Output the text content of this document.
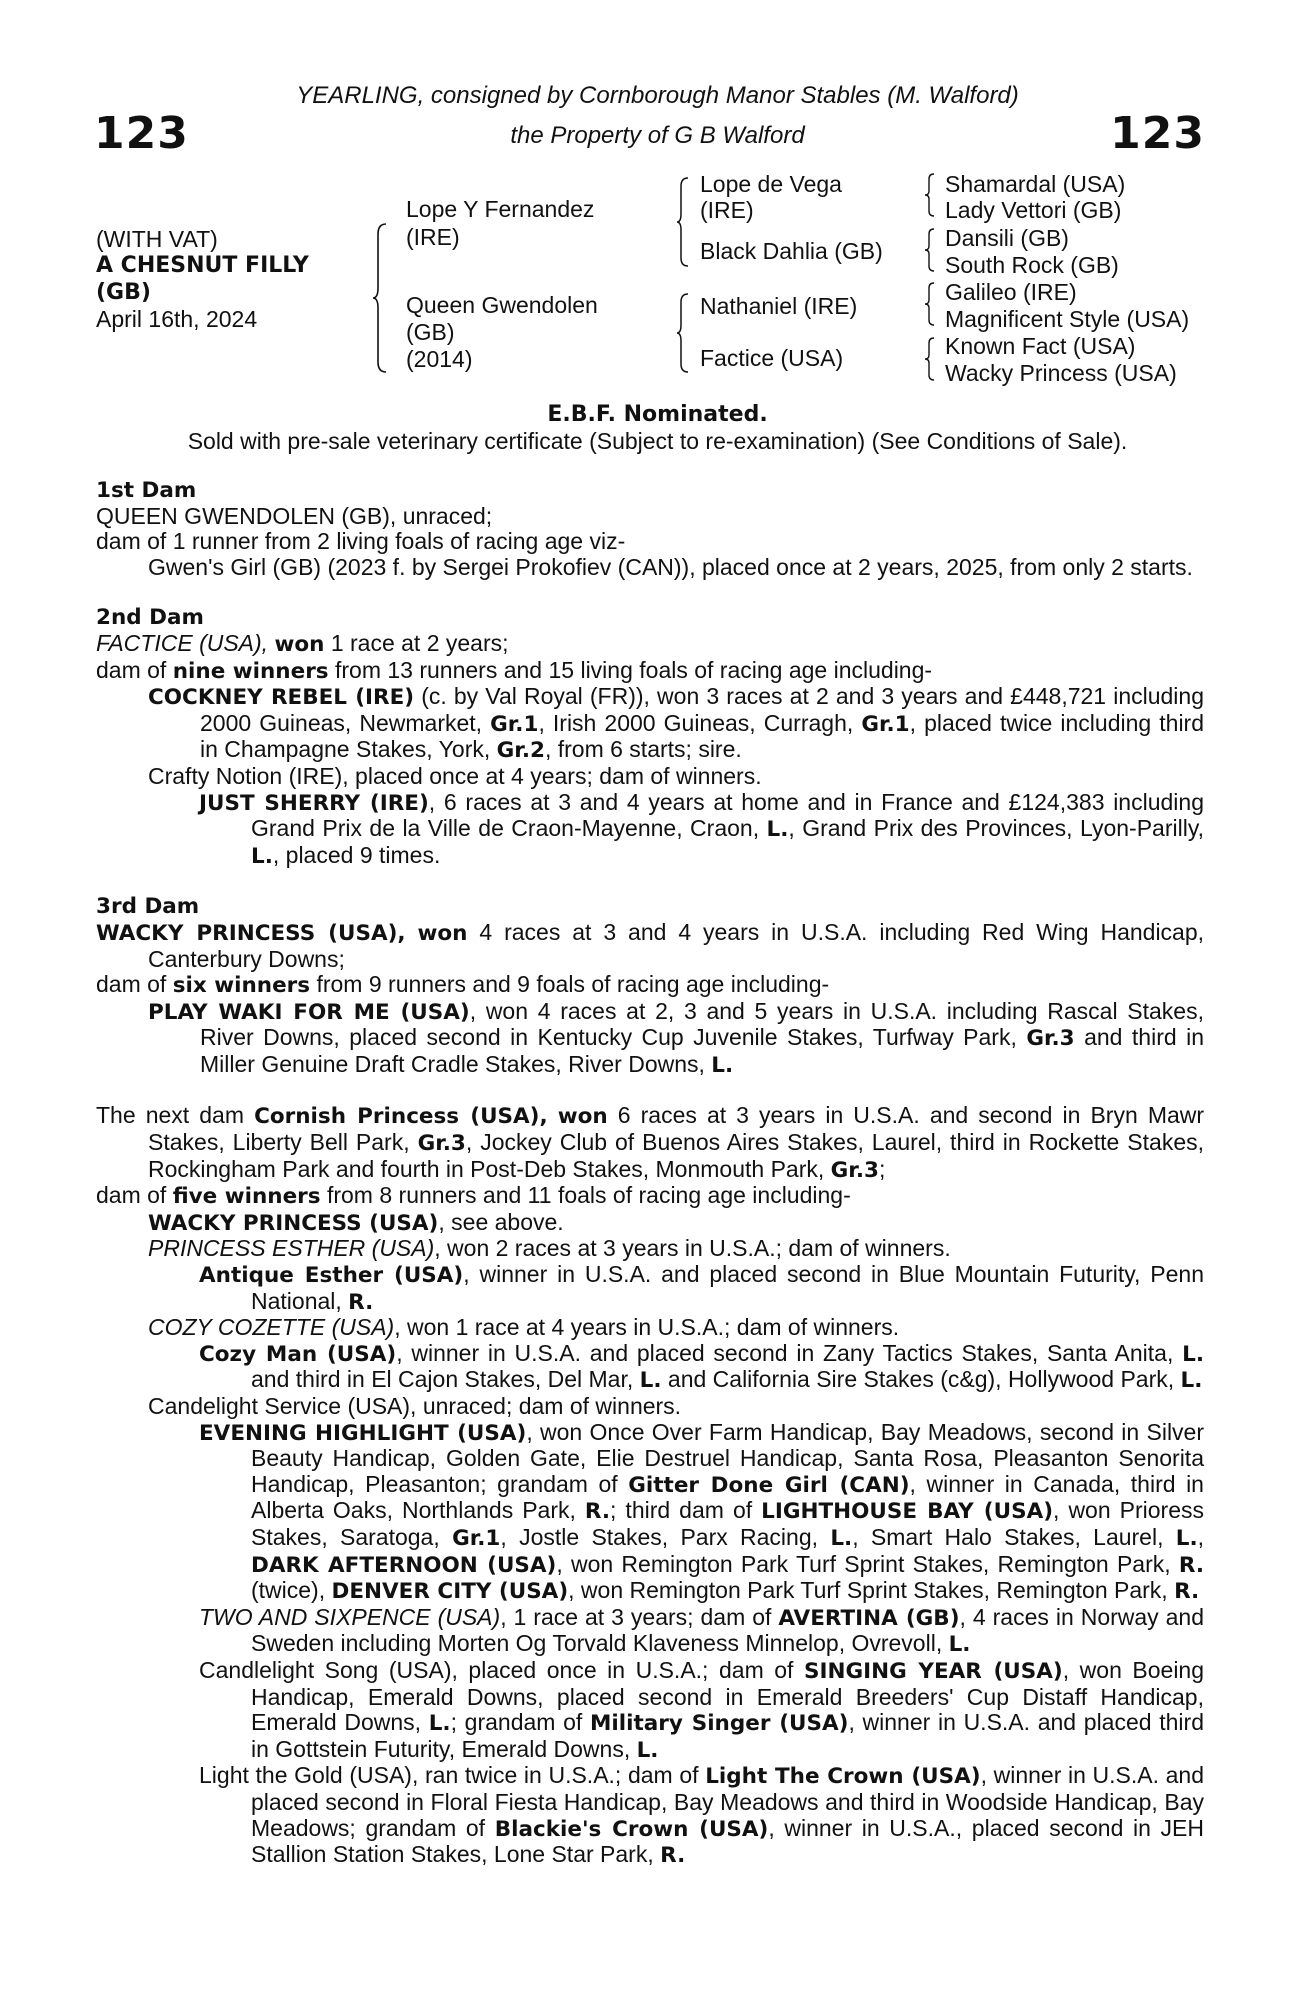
123	123
YEARLING, consigned by Cornborough Manor Stables (M. Walford)
the Property of G B Walford
(WITH VAT)
A CHESNUT FILLY
(GB)
April 16th, 2024
Lope Y Fernandez
(IRE)
Queen Gwendolen
(GB)
(2014)
Lope de Vega
(IRE)
Black Dahlia (GB)
Nathaniel (IRE)
Factice (USA)
Shamardal (USA)
Lady Vettori (GB)
Dansili (GB)
South Rock (GB)
Galileo (IRE)
Magnificent Style (USA)
Known Fact (USA)
Wacky Princess (USA)
E.B.F. Nominated.
Sold with pre-sale veterinary certificate (Subject to re-examination) (See Conditions of Sale).

1st Dam

QUEEN GWENDOLEN (GB), unraced;

dam of 1 runner from 2 living foals of racing age viz-

Gwen's Girl (GB) (2023 f. by Sergei Prokofiev (CAN)), placed once at 2 years, 2025, from only 2 starts.

2nd Dam

FACTICE (USA), won 1 race at 2 years;

dam of nine winners from 13 runners and 15 living foals of racing age including-

COCKNEY REBEL (IRE) (c. by Val Royal (FR)), won 3 races at 2 and 3 years and £448,721 including 2000 Guineas, Newmarket, Gr.1, Irish 2000 Guineas, Curragh, Gr.1, placed twice including third in Champagne Stakes, York, Gr.2, from 6 starts; sire.

Crafty Notion (IRE), placed once at 4 years; dam of winners.

JUST SHERRY (IRE), 6 races at 3 and 4 years at home and in France and £124,383 including Grand Prix de la Ville de Craon-Mayenne, Craon, L., Grand Prix des Provinces, Lyon-Parilly, L., placed 9 times.

3rd Dam

WACKY PRINCESS (USA), won 4 races at 3 and 4 years in U.S.A. including Red Wing Handicap, Canterbury Downs;

dam of six winners from 9 runners and 9 foals of racing age including-

PLAY WAKI FOR ME (USA), won 4 races at 2, 3 and 5 years in U.S.A. including Rascal Stakes, River Downs, placed second in Kentucky Cup Juvenile Stakes, Turfway Park, Gr.3 and third in Miller Genuine Draft Cradle Stakes, River Downs, L.

The next dam Cornish Princess (USA), won 6 races at 3 years in U.S.A. and second in Bryn Mawr Stakes, Liberty Bell Park, Gr.3, Jockey Club of Buenos Aires Stakes, Laurel, third in Rockette Stakes, Rockingham Park and fourth in Post-Deb Stakes, Monmouth Park, Gr.3;

dam of five winners from 8 runners and 11 foals of racing age including-

WACKY PRINCESS (USA), see above.

PRINCESS ESTHER (USA), won 2 races at 3 years in U.S.A.; dam of winners.

Antique Esther (USA), winner in U.S.A. and placed second in Blue Mountain Futurity, Penn National, R.

COZY COZETTE (USA), won 1 race at 4 years in U.S.A.; dam of winners.

Cozy Man (USA), winner in U.S.A. and placed second in Zany Tactics Stakes, Santa Anita, L. and third in El Cajon Stakes, Del Mar, L. and California Sire Stakes (c&g), Hollywood Park, L.

Candelight Service (USA), unraced; dam of winners.

EVENING HIGHLIGHT (USA), won Once Over Farm Handicap, Bay Meadows, second in Silver Beauty Handicap, Golden Gate, Elie Destruel Handicap, Santa Rosa, Pleasanton Senorita Handicap, Pleasanton; grandam of Gitter Done Girl (CAN), winner in Canada, third in Alberta Oaks, Northlands Park, R.; third dam of LIGHTHOUSE BAY (USA), won Prioress Stakes, Saratoga, Gr.1, Jostle Stakes, Parx Racing, L., Smart Halo Stakes, Laurel, L., DARK AFTERNOON (USA), won Remington Park Turf Sprint Stakes, Remington Park, R. (twice), DENVER CITY (USA), won Remington Park Turf Sprint Stakes, Remington Park, R.

TWO AND SIXPENCE (USA), 1 race at 3 years; dam of AVERTINA (GB), 4 races in Norway and Sweden including Morten Og Torvald Klaveness Minnelop, Ovrevoll, L.

Candlelight Song (USA), placed once in U.S.A.; dam of SINGING YEAR (USA), won Boeing Handicap, Emerald Downs, placed second in Emerald Breeders' Cup Distaff Handicap, Emerald Downs, L.; grandam of Military Singer (USA), winner in U.S.A. and placed third in Gottstein Futurity, Emerald Downs, L.

Light the Gold (USA), ran twice in U.S.A.; dam of Light The Crown (USA), winner in U.S.A. and placed second in Floral Fiesta Handicap, Bay Meadows and third in Woodside Handicap, Bay Meadows; grandam of Blackie's Crown (USA), winner in U.S.A., placed second in JEH Stallion Station Stakes, Lone Star Park, R.
